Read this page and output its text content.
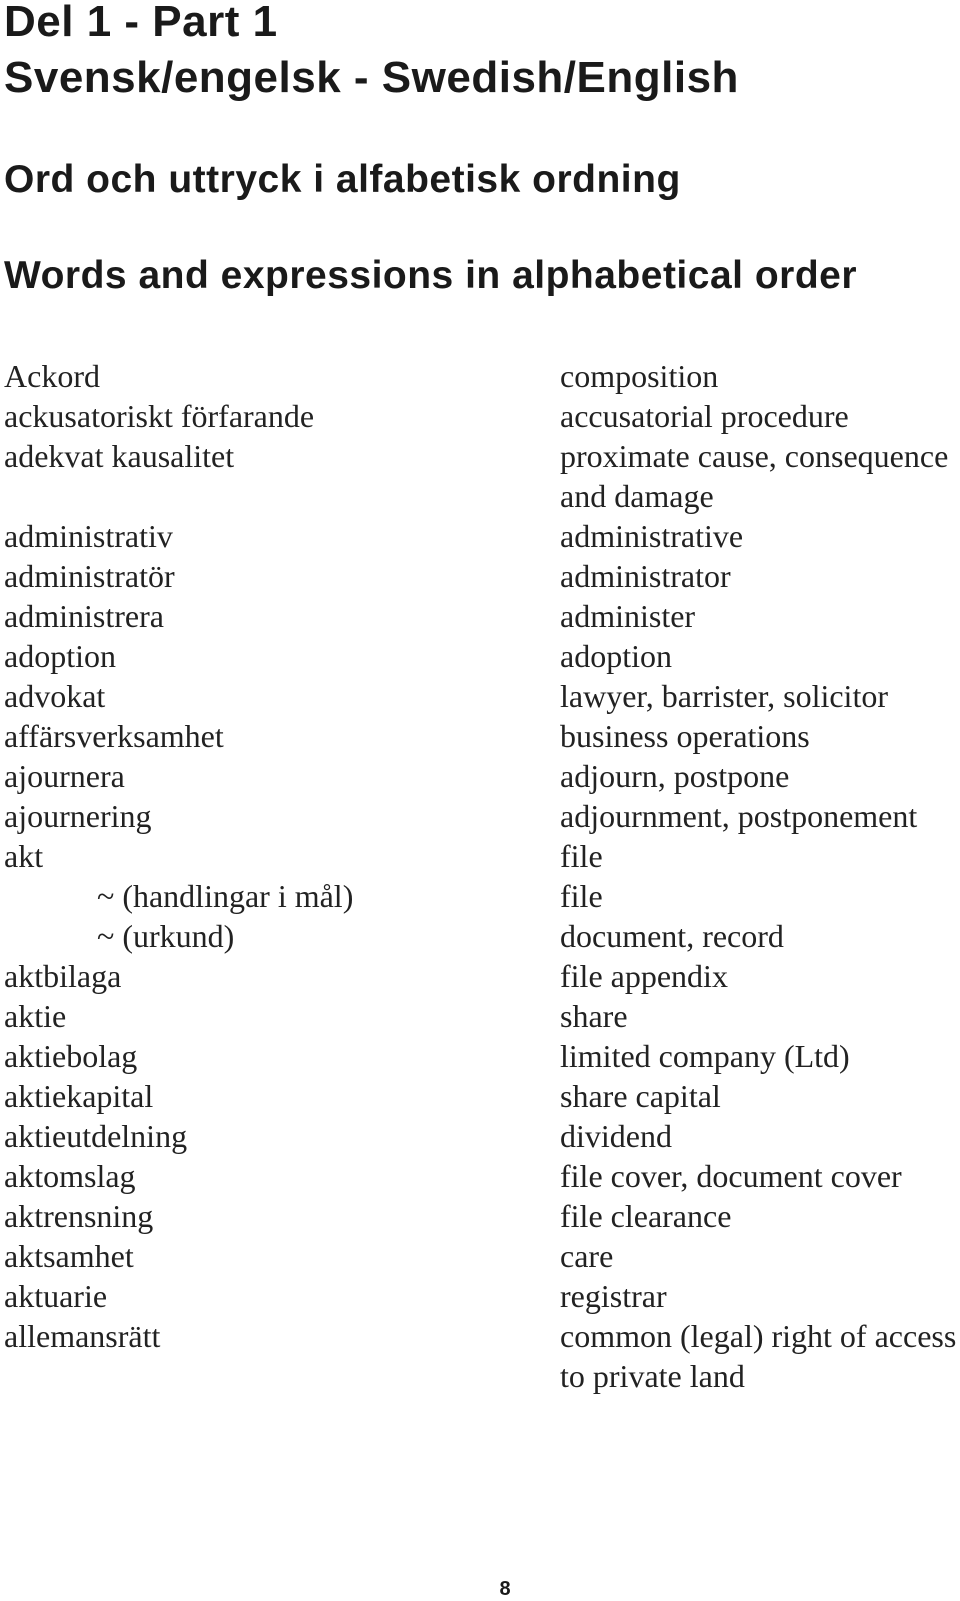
Del 1 - Part 1
Svensk/engelsk - Swedish/English
Ord och uttryck i alfabetisk ordning
Words and expressions in alphabetical order
Ackord	composition
ackusatoriskt förfarande	accusatorial procedure
adekvat kausalitet	proximate cause, consequence and damage
administrativ	administrative
administratör	administrator
administrera	administer
adoption	adoption
advokat	lawyer, barrister, solicitor
affärsverksamhet	business operations
ajournera	adjourn, postpone
ajournering	adjournment, postponement
akt	file
~ (handlingar i mål)	file
~ (urkund)	document, record
aktbilaga	file appendix
aktie	share
aktiebolag	limited company (Ltd)
aktiekapital	share capital
aktieutdelning	dividend
aktomslag	file cover, document cover
aktrensning	file clearance
aktsamhet	care
aktuarie	registrar
allemansrätt	common (legal) right of access to private land
8
